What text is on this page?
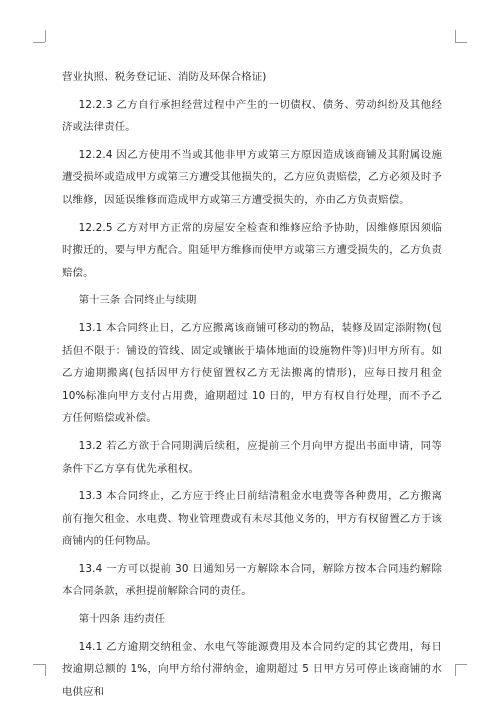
营业执照、税务登记证、消防及环保合格证)

12.2.3 乙方自行承担经营过程中产生的一切债权、债务、劳动纠纷及其他经济或法律责任。

12.2.4 因乙方使用不当或其他非甲方或第三方原因造成该商铺及其附属设施遭受损坏或造成甲方或第三方遭受其他损失的，乙方应负责赔偿，乙方必须及时予以维修，因延误维修而造成甲方或第三方遭受损失的，亦由乙方负责赔偿。

12.2.5 乙方对甲方正常的房屋安全检查和维修应给予协助，因维修原因须临时搬迁的，要与甲方配合。阻延甲方维修而使甲方或第三方遭受损失的，乙方负责赔偿。

第十三条 合同终止与续期

13.1 本合同终止日，乙方应搬离该商铺可移动的物品，装修及固定添附物(包括但不限于：铺设的管线、固定或镶嵌于墙体地面的设施物件等)归甲方所有。如乙方逾期搬离(包括因甲方行使留置权乙方无法搬离的情形)，应每日按月租金 10%标准向甲方支付占用费，逾期超过 10 日的，甲方有权自行处理，而不予乙方任何赔偿或补偿。

13.2 若乙方欲于合同期满后续租，应提前三个月向甲方提出书面申请，同等条件下乙方享有优先承租权。

13.3 本合同终止，乙方应于终止日前结清租金水电费等各种费用，乙方搬离前有拖欠租金、水电费、物业管理费或有未尽其他义务的，甲方有权留置乙方于该商铺内的任何物品。

13.4 一方可以提前 30 日通知另一方解除本合同，解除方按本合同违约解除本合同条款，承担提前解除合同的责任。

第十四条 违约责任

14.1 乙方逾期交纳租金、水电气等能源费用及本合同约定的其它费用，每日按逾期总额的 1%，向甲方给付滞纳金，逾期超过 5 日甲方另可停止该商铺的水电供应和
